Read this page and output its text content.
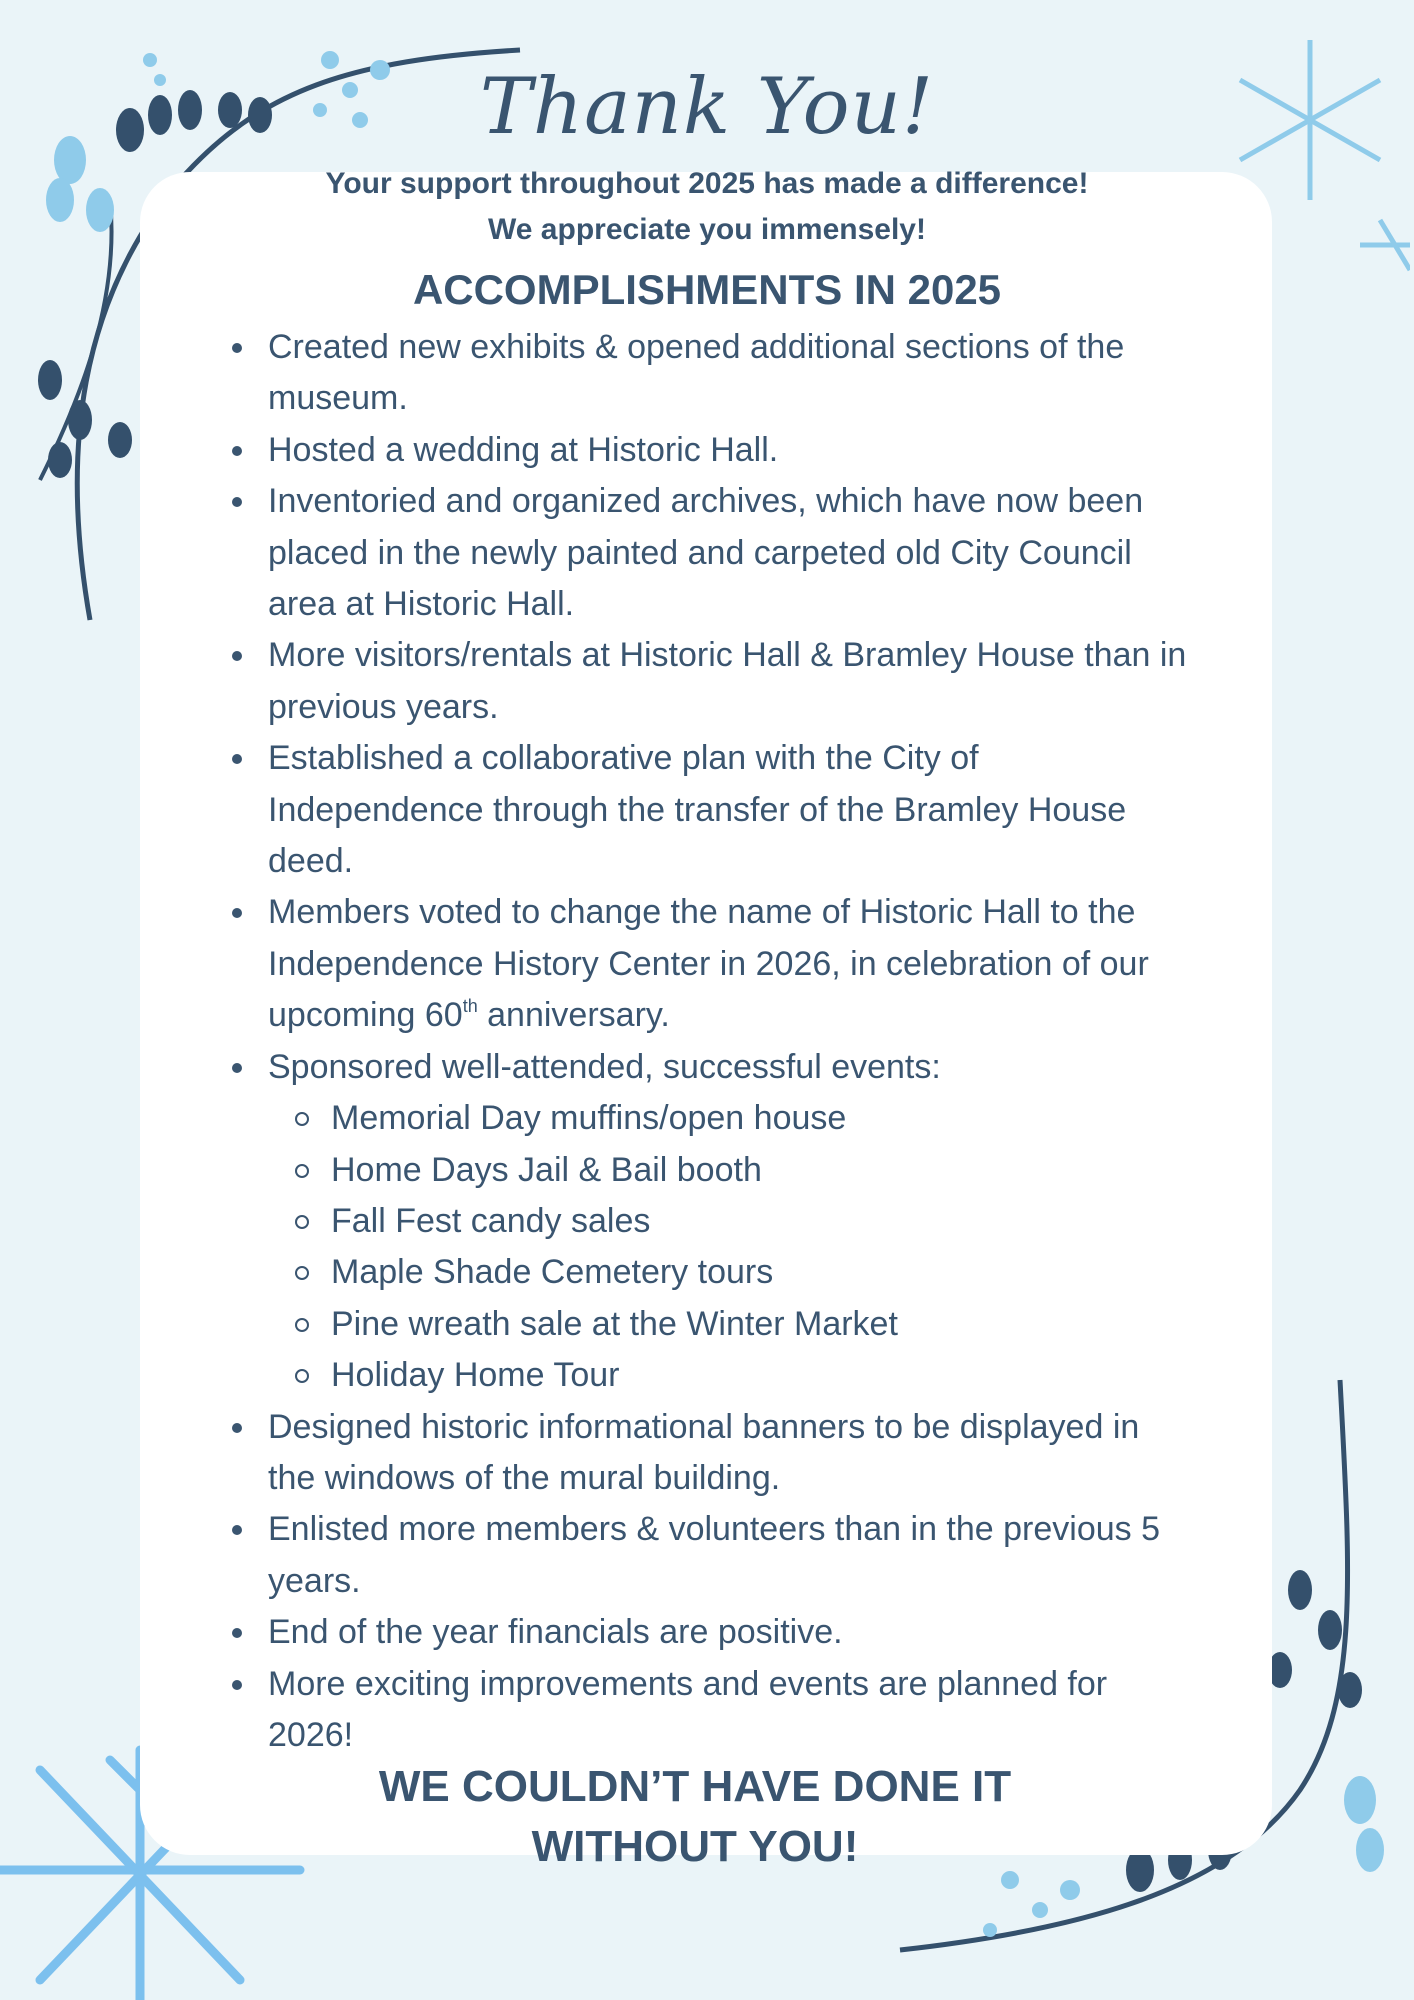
Thank You!
Your support throughout 2025 has made a difference!
We appreciate you immensely!
ACCOMPLISHMENTS IN 2025
Created new exhibits & opened additional sections of the museum.
Hosted a wedding at Historic Hall.
Inventoried and organized archives, which have now been placed in the newly painted and carpeted old City Council area at Historic Hall.
More visitors/rentals at Historic Hall & Bramley House than in previous years.
Established a collaborative plan with the City of Independence through the transfer of the Bramley House deed.
Members voted to change the name of Historic Hall to the Independence History Center in 2026, in celebration of our upcoming 60th anniversary.
Sponsored well-attended, successful events:
Memorial Day muffins/open house
Home Days Jail & Bail booth
Fall Fest candy sales
Maple Shade Cemetery tours
Pine wreath sale at the Winter Market
Holiday Home Tour
Designed historic informational banners to be displayed in the windows of the mural building.
Enlisted more members & volunteers than in the previous 5 years.
End of the year financials are positive.
More exciting improvements and events are planned for 2026!
WE COULDN’T HAVE DONE IT
WITHOUT YOU!
